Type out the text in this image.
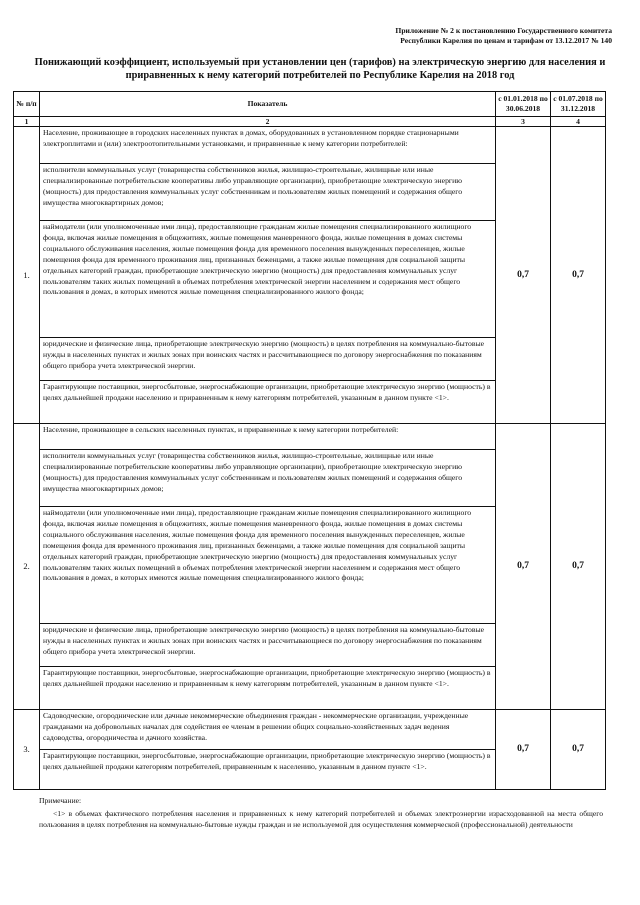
Приложение № 2 к постановлению Государственного комитета
Республики Карелия по ценам и тарифам от 13.12.2017 № 140
Понижающий коэффициент, используемый при установлении цен (тарифов) на электрическую энергию для населения и
приравненных к нему категорий потребителей по Республике Карелия на 2018 год
№ п/п	Показатель	с 01.01.2018 по 30.06.2018	с 01.07.2018 по 31.12.2018
1	2	3	4
1.	Население, проживающее в городских населенных пунктах в домах, оборудованных в установленном порядке стационарными электроплитами и (или) электроотопительными установками, и приравненные к нему категории потребителей:	0,7	0,7

	исполнители коммунальных услуг (товарищества собственников жилья, жилищно-строительные, жилищные или иные специализированные потребительские кооперативы либо управляющие организации), приобретающие электрическую энергию (мощность) для предоставления коммунальных услуг собственникам и пользователям жилых помещений и содержания общего имущества многоквартирных домов;		

	наймодатели (или уполномоченные ими лица), предоставляющие гражданам жилые помещения специализированного жилищного фонда, включая жилые помещения в общежитиях, жилые помещения маневренного фонда, жилые помещения в домах системы социального обслуживания населения, жилые помещения фонда для временного поселения вынужденных переселенцев, жилые помещения фонда для временного проживания лиц, признанных беженцами, а также жилые помещения для социальной защиты отдельных категорий граждан, приобретающие электрическую энергию (мощность) для предоставления коммунальных услуг пользователям таких жилых помещений в объемах потребления электрической энергии населением и содержания мест общего пользования в домах, в которых имеются жилые помещения специализированного жилого фонда;		

	юридические и физические лица, приобретающие электрическую энергию (мощность) в целях потребления на коммунально-бытовые нужды в населенных пунктах и жилых зонах при воинских частях и рассчитывающиеся по договору энергоснабжения по показаниям общего прибора учета электрической энергии.		

	Гарантирующие поставщики, энергосбытовые, энергоснабжающие организации, приобретающие электрическую энергию (мощность) в целях дальнейшей продажи населению и приравненным к нему категориям потребителей, указанным в данном пункте <1>.		

2.	Население, проживающее в сельских населенных пунктах, и приравненные к нему категории потребителей:	0,7	0,7

	исполнители коммунальных услуг (товарищества собственников жилья, жилищно-строительные, жилищные или иные специализированные потребительские кооперативы либо управляющие организации), приобретающие электрическую энергию (мощность) для предоставления коммунальных услуг собственникам и пользователям жилых помещений и содержания общего имущества многоквартирных домов;		

	наймодатели (или уполномоченные ими лица), предоставляющие гражданам жилые помещения специализированного жилищного фонда, включая жилые помещения в общежитиях, жилые помещения маневренного фонда, жилые помещения в домах системы социального обслуживания населения, жилые помещения фонда для временного поселения вынужденных переселенцев, жилые помещения фонда для временного проживания лиц, признанных беженцами, а также жилые помещения для социальной защиты отдельных категорий граждан, приобретающие электрическую энергию (мощность) для предоставления коммунальных услуг пользователям таких жилых помещений в объемах потребления электрической энергии населением и содержания мест общего пользования в домах, в которых имеются жилые помещения специализированного жилого фонда;		

	юридические и физические лица, приобретающие электрическую энергию (мощность) в целях потребления на коммунально-бытовые нужды в населенных пунктах и жилых зонах при воинских частях и рассчитывающиеся по договору энергоснабжения по показаниям общего прибора учета электрической энергии.		

	Гарантирующие поставщики, энергосбытовые, энергоснабжающие организации, приобретающие электрическую энергию (мощность) в целях дальнейшей продажи населению и приравненным к нему категориям потребителей, указанным в данном пункте <1>.		

3.	Садоводческие, огороднические или дачные некоммерческие объединения граждан - некоммерческие организации, учрежденные гражданами на добровольных началах для содействия ее членам в решении общих социально-хозяйственных задач ведения садоводства, огородничества и дачного хозяйства.	0,7	0,7

	Гарантирующие поставщики, энергосбытовые, энергоснабжающие организации, приобретающие электрическую энергию (мощность) в целях дальнейшей продажи категориям потребителей, приравненным к населению, указанным в данном пункте <1>.		
Примечание:
<1> в объемах фактического потребления населения и приравненных к нему категорий потребителей и объемах электроэнергии израсходованной на места общего пользования в целях потребления на коммунально-бытовые нужды граждан и не используемой для осуществления коммерческой (профессиональной) деятельности
